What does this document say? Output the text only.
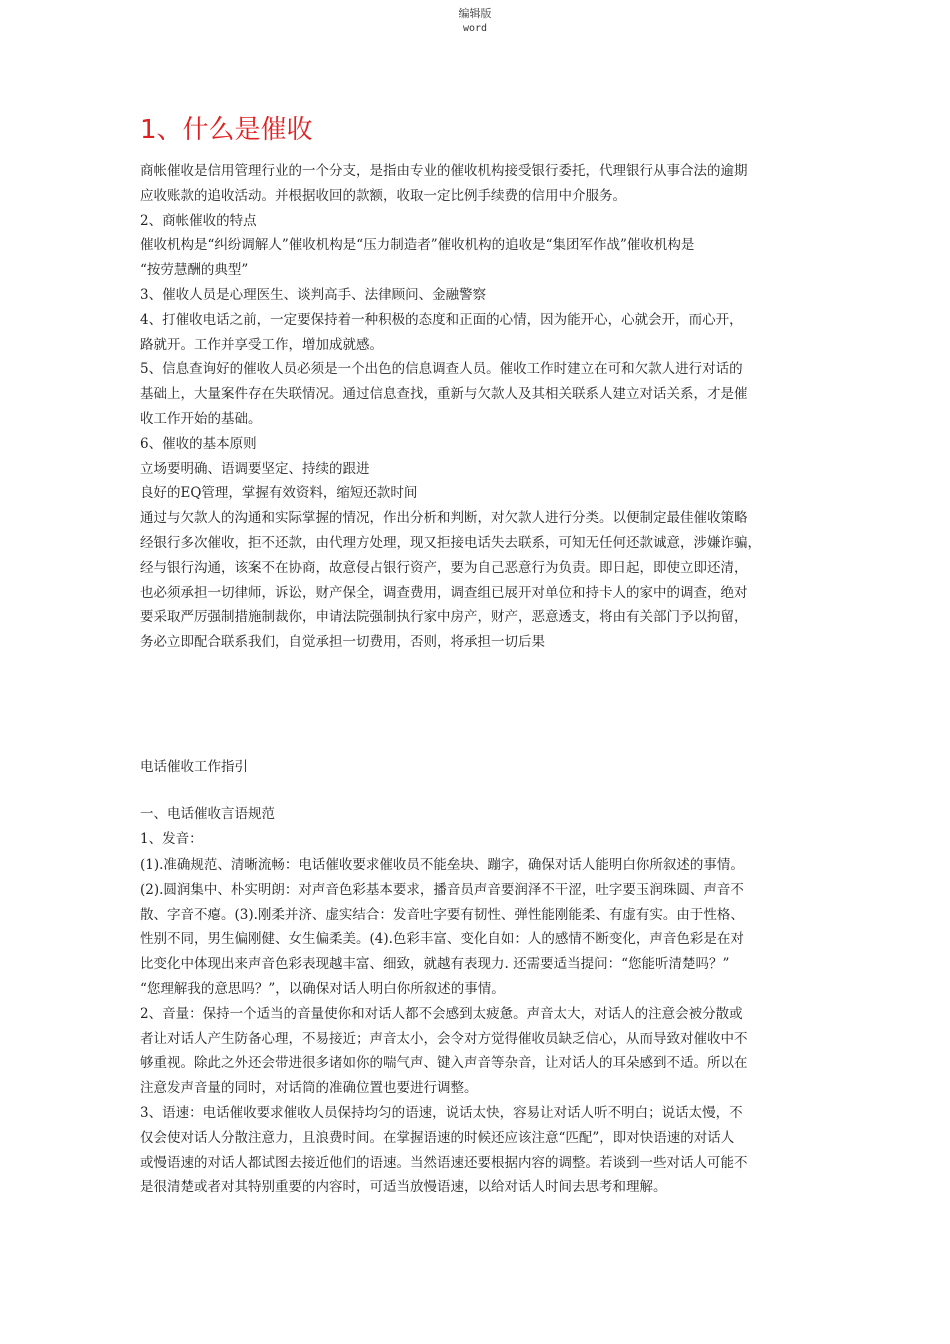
编辑版
word
1、什么是催收

商帐催收是信用管理行业的一个分支，是指由专业的催收机构接受银行委托，代理银行从事合法的逾期

应收账款的追收活动。并根据收回的款额，收取一定比例手续费的信用中介服务。

2、商帐催收的特点

催收机构是“纠纷调解人”催收机构是“压力制造者”催收机构的追收是“集团军作战”催收机构是

“按劳慧酬的典型”

3、催收人员是心理医生、谈判高手、法律顾问、金融警察

4、打催收电话之前，一定要保持着一种积极的态度和正面的心情，因为能开心，心就会开，而心开，

路就开。工作并享受工作，增加成就感。

5、信息查询好的催收人员必须是一个出色的信息调查人员。催收工作时建立在可和欠款人进行对话的

基础上，大量案件存在失联情况。通过信息查找，重新与欠款人及其相关联系人建立对话关系，才是催

收工作开始的基础。

6、催收的基本原则

立场要明确、语调要坚定、持续的跟进

良好的EQ管理，掌握有效资料，缩短还款时间

通过与欠款人的沟通和实际掌握的情况，作出分析和判断，对欠款人进行分类。以便制定最佳催收策略

经银行多次催收，拒不还款，由代理方处理，现又拒接电话失去联系，可知无任何还款诚意，涉嫌诈骗，

经与银行沟通，该案不在协商，故意侵占银行资产，要为自己恶意行为负责。即日起，即使立即还清，

也必须承担一切律师，诉讼，财产保全，调查费用，调查组已展开对单位和持卡人的家中的调查，绝对

要采取严厉强制措施制裁你，申请法院强制执行家中房产，财产，恶意透支，将由有关部门予以拘留，

务必立即配合联系我们，自觉承担一切费用，否则，将承担一切后果

电话催收工作指引

一、电话催收言语规范

1、发音：

(1).准确规范、清晰流畅：电话催收要求催收员不能垒块、蹦字，确保对话人能明白你所叙述的事情。

(2).圆润集中、朴实明朗：对声音色彩基本要求，播音员声音要润泽不干涩，吐字要玉润珠圆、声音不

散、字音不瘪。(3).刚柔并济、虚实结合：发音吐字要有韧性、弹性能刚能柔、有虚有实。由于性格、

性别不同，男生偏刚健、女生偏柔美。(4).色彩丰富、变化自如：人的感情不断变化，声音色彩是在对

比变化中体现出来声音色彩表现越丰富、细致，就越有表现力. 还需要适当提问：“您能听清楚吗？”

“您理解我的意思吗？”，以确保对话人明白你所叙述的事情。

2、音量：保持一个适当的音量使你和对话人都不会感到太疲惫。声音太大，对话人的注意会被分散或

者让对话人产生防备心理，不易接近；声音太小，会令对方觉得催收员缺乏信心，从而导致对催收中不

够重视。除此之外还会带进很多诸如你的喘气声、键入声音等杂音，让对话人的耳朵感到不适。所以在

注意发声音量的同时，对话筒的准确位置也要进行调整。

3、语速：电话催收要求催收人员保持均匀的语速，说话太快，容易让对话人听不明白；说话太慢，不

仅会使对话人分散注意力，且浪费时间。在掌握语速的时候还应该注意“匹配”，即对快语速的对话人

或慢语速的对话人都试图去接近他们的语速。当然语速还要根据内容的调整。若谈到一些对话人可能不

是很清楚或者对其特别重要的内容时，可适当放慢语速，以给对话人时间去思考和理解。
